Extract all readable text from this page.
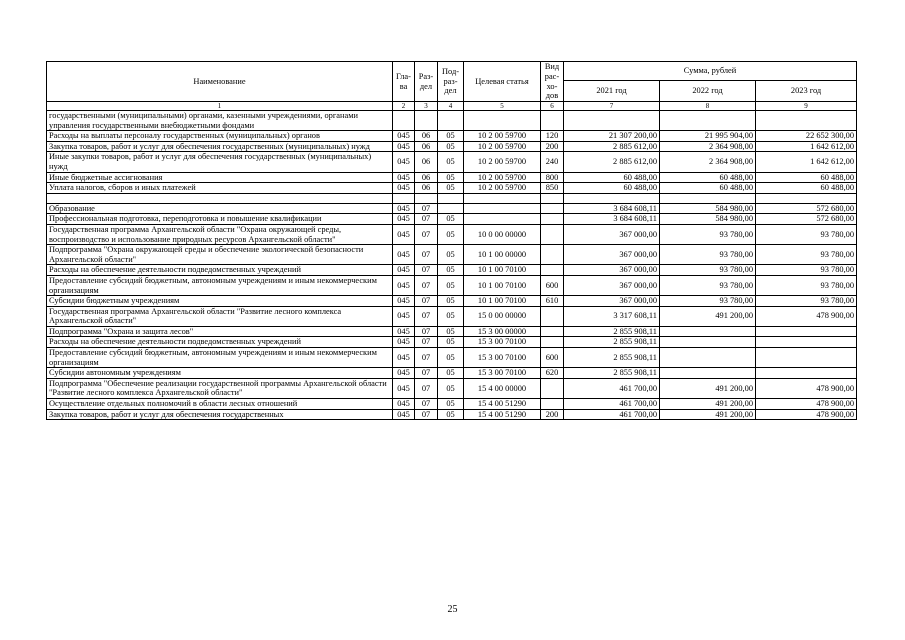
Наименование	Гла-ва	Раз-дел	Под-раз-дел	Целевая статья	Вид рас-хо-дов	Сумма, рублей		
						2021 год	2022 год	2023 год
1	2	3	4	5	6	7	8	9
государственными (муниципальными) органами, казенными учреждениями, органами управления государственными внебюджетными фондами								
Расходы на выплаты персоналу государственных (муниципальных) органов	045	06	05	10 2 00 59700	120	21 307 200,00	21 995 904,00	22 652 300,00
Закупка товаров, работ и услуг для обеспечения государственных (муниципальных) нужд	045	06	05	10 2 00 59700	200	2 885 612,00	2 364 908,00	1 642 612,00
Иные закупки товаров, работ и услуг для обеспечения государственных (муниципальных) нужд	045	06	05	10 2 00 59700	240	2 885 612,00	2 364 908,00	1 642 612,00
Иные бюджетные ассигнования	045	06	05	10 2 00 59700	800	60 488,00	60 488,00	60 488,00
Уплата налогов, сборов и иных платежей	045	06	05	10 2 00 59700	850	60 488,00	60 488,00	60 488,00

Образование	045	07				3 684 608,11	584 980,00	572 680,00
Профессиональная подготовка, переподготовка и повышение квалификации	045	07	05			3 684 608,11	584 980,00	572 680,00
Государственная программа Архангельской области "Охрана окружающей среды, воспроизводство и использование природных ресурсов Архангельской области"	045	07	05	10 0 00 00000		367 000,00	93 780,00	93 780,00
Подпрограмма "Охрана окружающей среды и обеспечение экологической безопасности Архангельской области"	045	07	05	10 1 00 00000		367 000,00	93 780,00	93 780,00
Расходы на обеспечение деятельности подведомственных учреждений	045	07	05	10 1 00 70100		367 000,00	93 780,00	93 780,00
Предоставление субсидий бюджетным, автономным учреждениям и иным некоммерческим организациям	045	07	05	10 1 00 70100	600	367 000,00	93 780,00	93 780,00
Субсидии бюджетным учреждениям	045	07	05	10 1 00 70100	610	367 000,00	93 780,00	93 780,00
Государственная программа Архангельской области "Развитие лесного комплекса Архангельской области"	045	07	05	15 0 00 00000		3 317 608,11	491 200,00	478 900,00
Подпрограмма "Охрана и защита лесов"	045	07	05	15 3 00 00000		2 855 908,11		
Расходы на обеспечение деятельности подведомственных учреждений	045	07	05	15 3 00 70100		2 855 908,11		
Предоставление субсидий бюджетным, автономным учреждениям и иным некоммерческим организациям	045	07	05	15 3 00 70100	600	2 855 908,11		
Субсидии автономным учреждениям	045	07	05	15 3 00 70100	620	2 855 908,11		
Подпрограмма "Обеспечение реализации государственной программы Архангельской области "Развитие лесного комплекса Архангельской области"	045	07	05	15 4 00 00000		461 700,00	491 200,00	478 900,00
Осуществление отдельных полномочий в области лесных отношений	045	07	05	15 4 00 51290		461 700,00	491 200,00	478 900,00
Закупка товаров, работ и услуг для обеспечения государственных	045	07	05	15 4 00 51290	200	461 700,00	491 200,00	478 900,00
25
